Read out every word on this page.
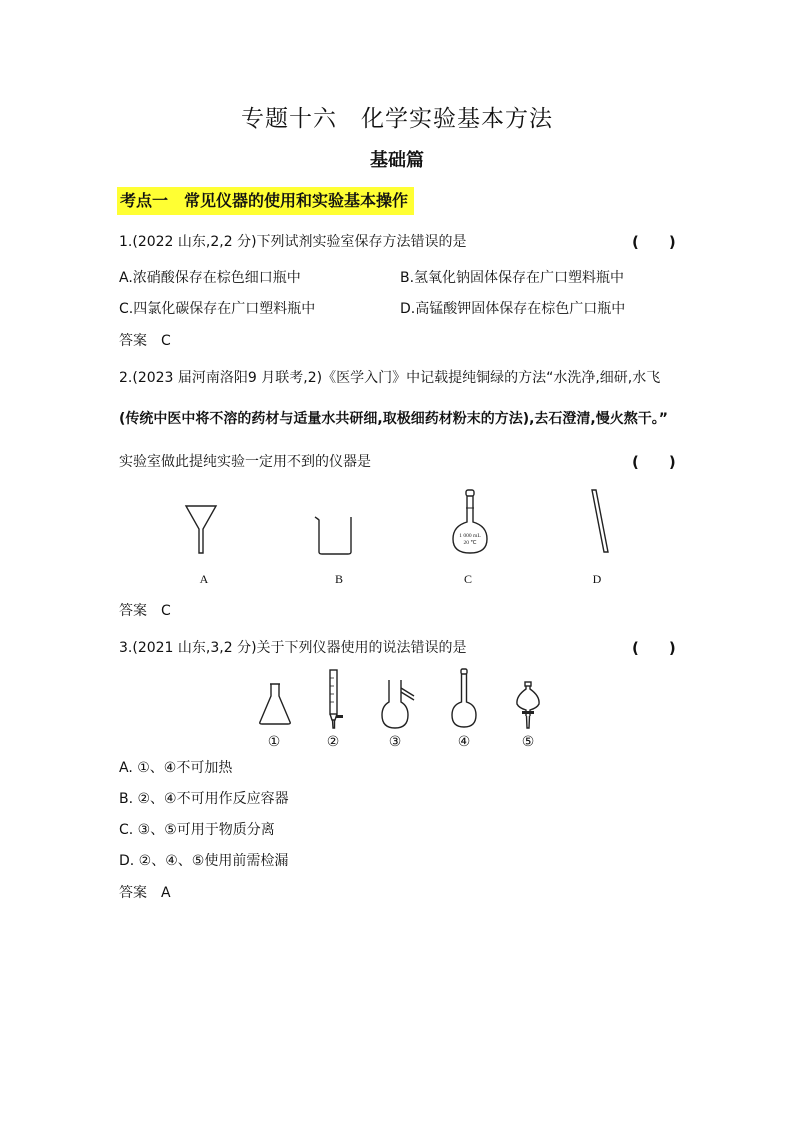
专题十六　化学实验基本方法
基础篇
考点一　常见仪器的使用和实验基本操作
1.(2022 山东,2,2 分)下列试剂实验室保存方法错误的是	(　　)
A.浓硝酸保存在棕色细口瓶中	B.氢氧化钠固体保存在广口塑料瓶中
C.四氯化碳保存在广口塑料瓶中	D.高锰酸钾固体保存在棕色广口瓶中
答案　C
2.(2023 届河南洛阳9 月联考,2)《医学入门》中记载提纯铜绿的方法“水洗净,细研,水飞
(传统中医中将不溶的药材与适量水共研细,取极细药材粉末的方法),去石澄清,慢火熬干。”
实验室做此提纯实验一定用不到的仪器是	(　　)
1 000 mL
20 ℃
A	B	C	D
答案　C
3.(2021 山东,3,2 分)关于下列仪器使用的说法错误的是	(　　)
①	②	③	④	⑤
A. ①、④不可加热
B. ②、④不可用作反应容器
C. ③、⑤可用于物质分离
D. ②、④、⑤使用前需检漏
答案　A
